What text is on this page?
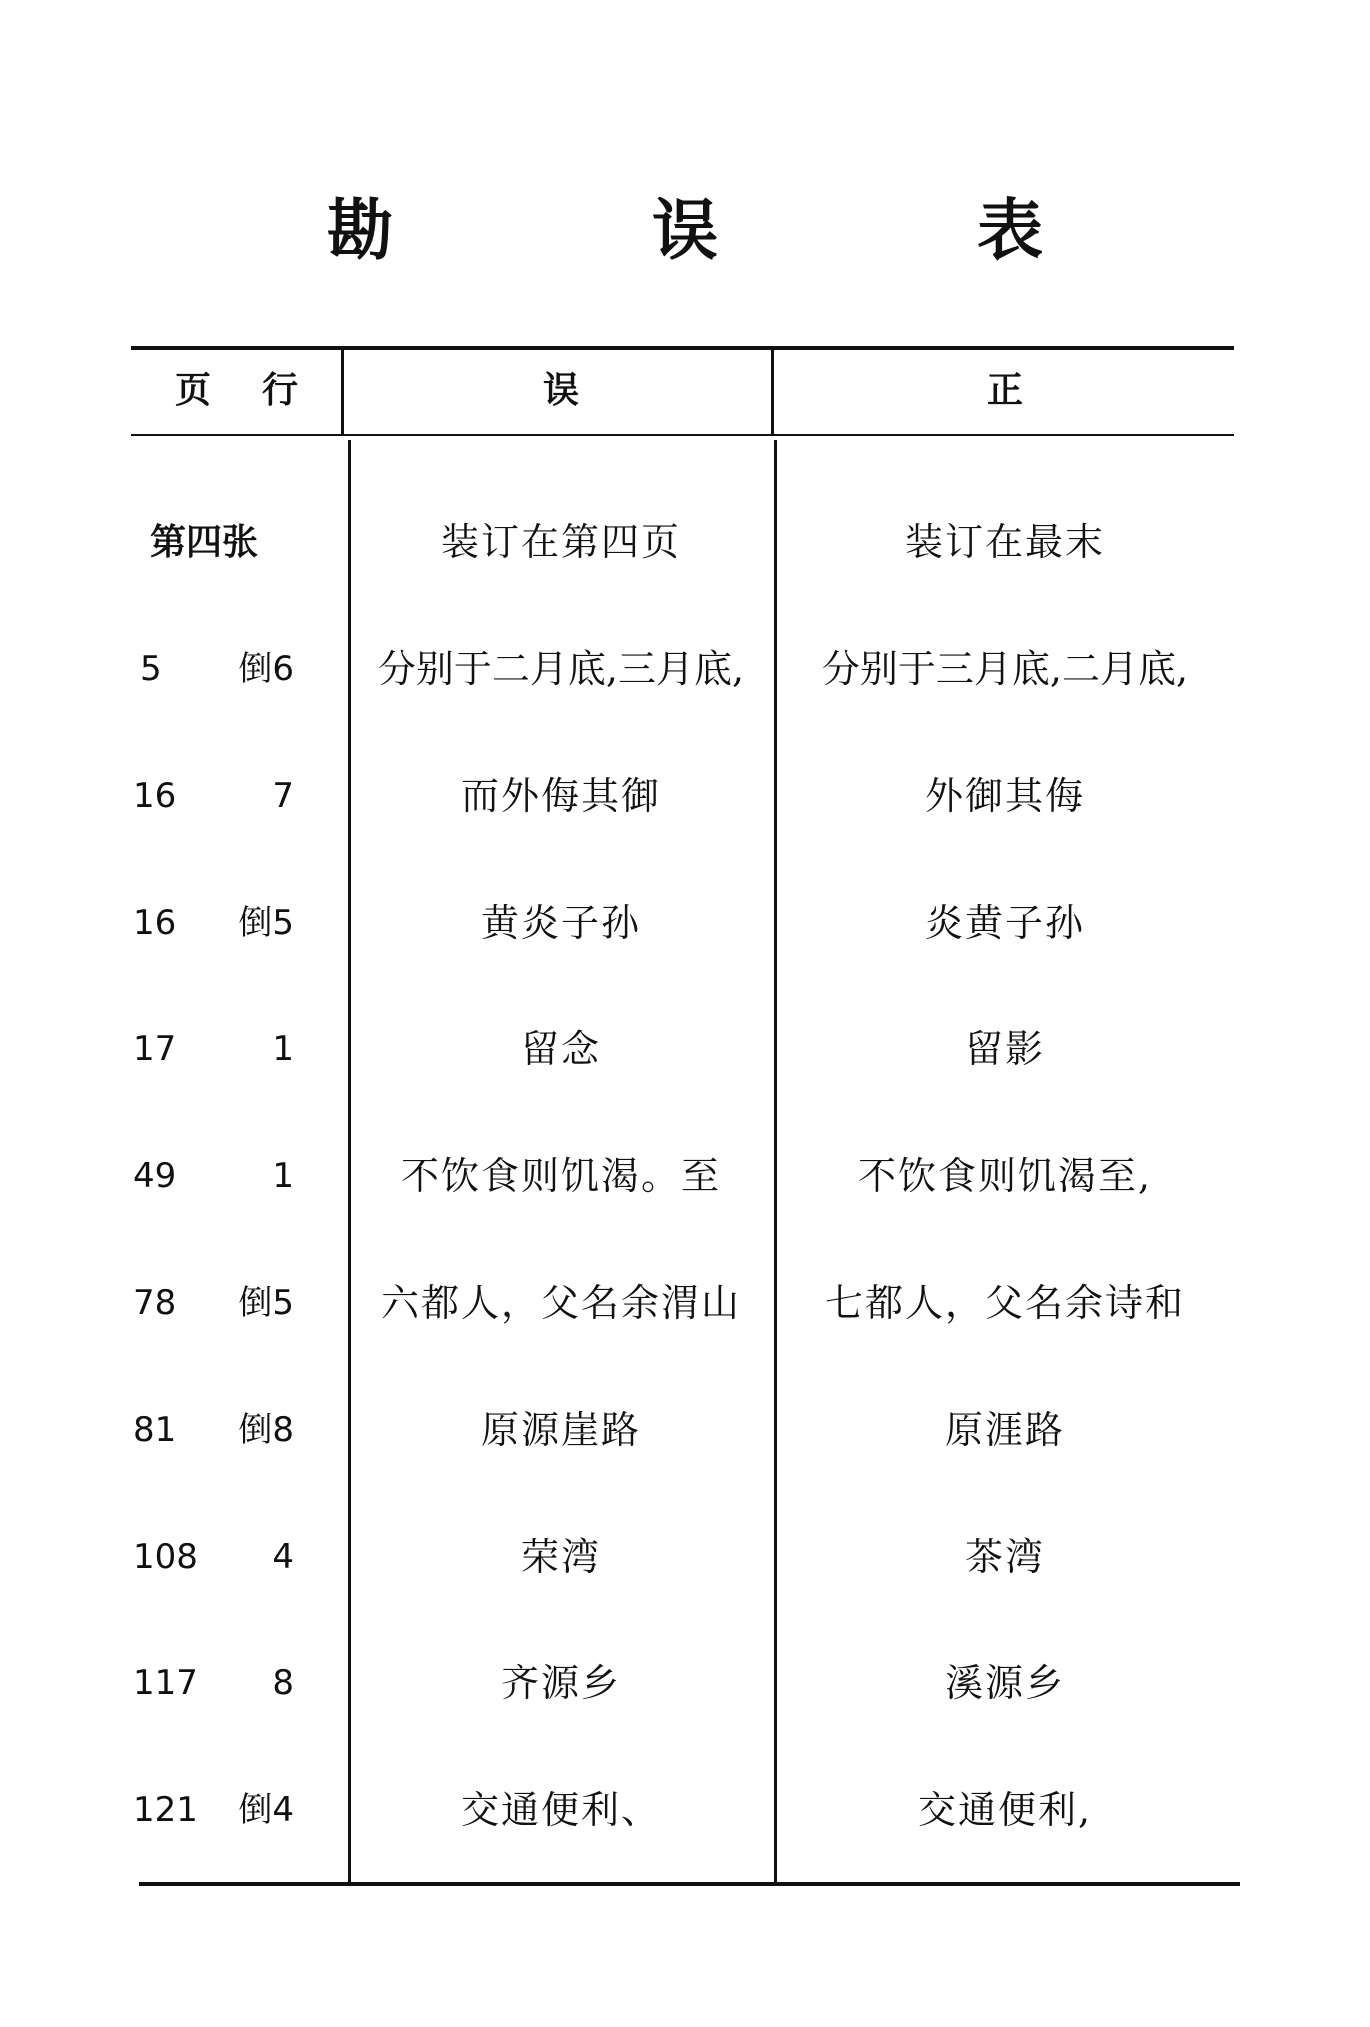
勘 误 表
页 行	误	正
第四张	装订在第四页	装订在最末
5	倒6	分别于二月底,三月底,	分别于三月底,二月底,
16	7	而外侮其御	外御其侮
16	倒5	黄炎子孙	炎黄子孙
17	1	留念	留影
49	1	不饮食则饥渴。至	不饮食则饥渴至,
78	倒5	六都人，父名余渭山	七都人，父名余诗和
81	倒8	原源崖路	原涯路
108	4	荣湾	茶湾
117	8	齐源乡	溪源乡
121	倒4	交通便利、	交通便利,
